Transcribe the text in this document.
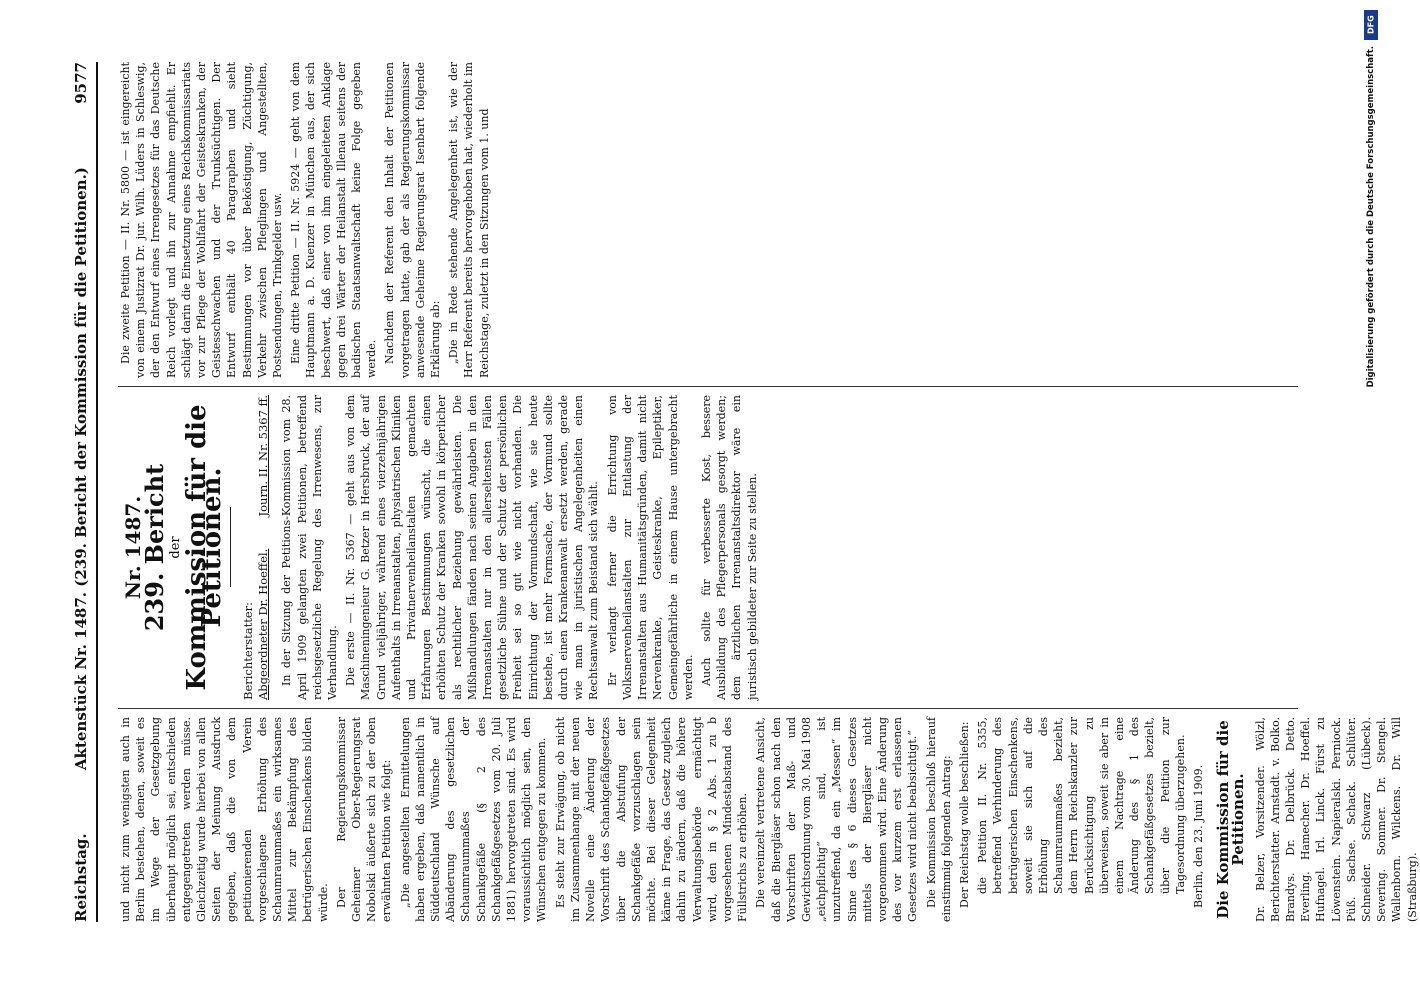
Reichstag.
Aktenstück Nr. 1487. (239. Bericht der Kommission für die Petitionen.)
9577

und nicht zum wenigsten auch in Berlin bestehen, denen, soweit es im Wege der Gesetzgebung überhaupt möglich sei, entschieden entgegengetreten werden müsse. Gleichzeitig wurde hierbei von allen Seiten der Meinung Ausdruck gegeben, daß die von dem petitionierenden Verein vorgeschlagene Erhöhung des Schaumraummaßes ein wirksames Mittel zur Bekämpfung des betrügerischen Einschenkens bilden würde. Der Regierungskommissar Geheimer Ober-Regierungsrat Nobolski äußerte sich zu der oben erwähnten Petition wie folgt: „Die angestellten Ermittelungen haben ergeben, daß namentlich in Süddeutschland Wünsche auf Abänderung des gesetzlichen Schaumraummaßes der Schankgefäße (§ 2 des Schankgefäßgesetzes vom 20. Juli 1881) hervorgetreten sind. Es wird voraussichtlich möglich sein, den Wünschen entgegen zu kommen. Es steht zur Erwägung, ob nicht im Zusammenhange mit der neuen Novelle eine Änderung der Vorschrift des Schankgefäßgesetzes über die Abstufung der Schankgefäße vorzuschlagen sein möchte. Bei dieser Gelegenheit käme in Frage, das Gesetz zugleich dahin zu ändern, daß die höhere Verwaltungsbehörde ermächtigt wird, den in § 2 Abs. 1 zu b vorgesehenen Mindestabstand des Füllstrichs zu erhöhen. Die vereinzelt vertretene Ansicht, daß die Biergläser schon nach den Vorschriften der Maß- und Gewichtsordnung vom 30. Mai 1908 „eichpflichtig“ sind, ist unzutreffend, da ein „Messen“ im Sinne des § 6 dieses Gesetzes mittels der Biergläser nicht vorgenommen wird. Eine Änderung des vor kurzem erst erlassenen Gesetzes wird nicht beabsichtigt.“ Die Kommission beschloß hierauf einstimmig folgenden Antrag: Der Reichstag wolle beschließen: die Petition II. Nr. 5355, betreffend Verhinderung des betrügerischen Einschenkens, soweit sie sich auf die Erhöhung des Schaumraummaßes bezieht, dem Herrn Reichskanzler zur Berücksichtigung zu überweisen, soweit sie aber in einem Nachtrage eine Änderung des § 1 des Schankgefäßgesetzes bezielt, über die Petition zur Tagesordnung überzugehen. Berlin, den 23. Juni 1909. Die Kommission für die Petitionen. Dr. Belzer, Vorsitzender. Wölzl, Berichterstatter. Arnstadt. v. Bolko. Brandys. Dr. Delbrück. Detto. Everling. Hamecher. Dr. Hoeffel. Hufnagel. Irl. Linck. Fürst zu Löwenstein. Napieralski. Perniock. Püß. Sachse. Schack. Schlüter. Schneider. Schwarz (Lübeck). Severing. Sommer. Dr. Stengel. Wallenborn. Wilckens. Dr. Will (Straßburg).

Nr. 1487.
239. Bericht der
Kommission für die Petitionen.
Berichterstatter: Abgeordneter Dr. Hoeffel.
Journ. II. Nr. 5367 ff. In der Sitzung der Petitions-Kommission vom 28. April 1909 gelangten zwei Petitionen, betreffend reichsgesetzliche Regelung des Irrenwesens, zur Verhandlung. Die erste — II. Nr. 5367 — geht aus von dem Maschineningenieur G. Betzer in Hersbruck, der auf Grund vieljähriger, während eines vierzehnjährigen Aufenthalts in Irrenanstalten, physiatrischen Kliniken und Privatnervenheilanstalten gemachten Erfahrungen Bestimmungen wünscht, die einen erhöhten Schutz der Kranken sowohl in körperlicher als rechtlicher Beziehung gewährleisten. Die Mißhandlungen fänden nach seinen Angaben in den Irrenanstalten nur in den allerseltensten Fällen gesetzliche Sühne und der Schutz der persönlichen Freiheit sei so gut wie nicht vorhanden. Die Einrichtung der Vormundschaft, wie sie heute bestehe, ist mehr Formsache, der Vormund sollte durch einen Krankenanwalt ersetzt werden, gerade wie man in juristischen Angelegenheiten einen Rechtsanwalt zum Beistand sich wählt. Er verlangt ferner die Errichtung von Volksnervenheilanstalten zur Entlastung der Irrenanstalten aus Humanitätsgründen, damit nicht Nervenkranke, Geisteskranke, Epileptiker, Gemeingefährliche in einem Hause untergebracht werden. Auch sollte für verbesserte Kost, bessere Ausbildung des Pflegerpersonals gesorgt werden; dem ärztlichen Irrenanstaltsdirektor wäre ein juristisch gebildeter zur Seite zu stellen.

Die zweite Petition — II. Nr. 5800 — ist eingereicht von einem Justizrat Dr. jur. Wilh. Lüders in Schleswig, der den Entwurf eines Irrengesetzes für das Deutsche Reich vorlegt und ihn zur Annahme empfiehlt. Er schlägt darin die Einsetzung eines Reichskommissariats vor zur Pflege der Wohlfahrt der Geisteskranken, der Geistesschwachen und der Trunksüchtigen. Der Entwurf enthält 40 Paragraphen und sieht Bestimmungen vor über Beköstigung, Züchtigung, Verkehr zwischen Pfleglingen und Angestellten, Postsendungen, Trinkgelder usw. Eine dritte Petition — II. Nr. 5924 — geht von dem Hauptmann a. D. Kuenzer in München aus, der sich beschwert, daß einer von ihm eingeleiteten Anklage gegen drei Wärter der Heilanstalt Illenau seitens der badischen Staatsanwaltschaft keine Folge gegeben werde. Nachdem der Referent den Inhalt der Petitionen vorgetragen hatte, gab der als Regierungskommissar anwesende Geheime Regierungsrat Isenbart folgende Erklärung ab: „Die in Rede stehende Angelegenheit ist, wie der Herr Referent bereits hervorgehoben hat, wiederholt im Reichstage, zuletzt in den Sitzungen vom 1. und

DFG
Digitalisierung gefördert durch die Deutsche Forschungsgemeinschaft.
